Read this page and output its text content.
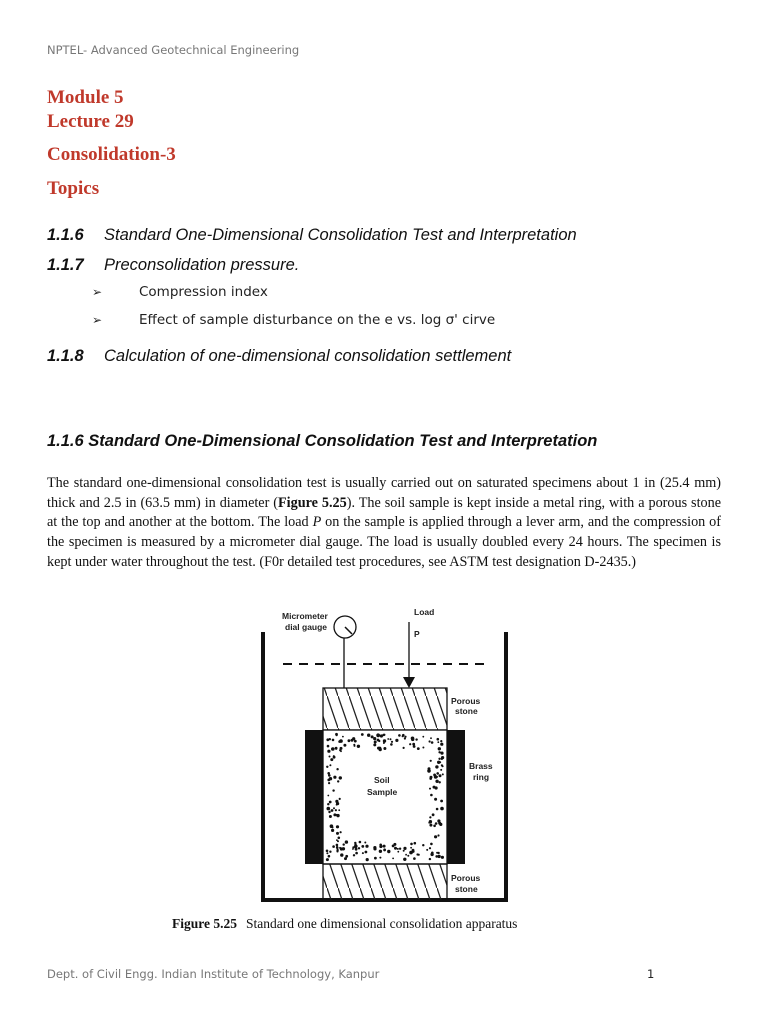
NPTEL- Advanced Geotechnical Engineering
Module 5
Lecture 29
Consolidation-3
Topics
1.1.6 Standard One-Dimensional Consolidation Test and Interpretation
1.1.7 Preconsolidation pressure.
➢	Compression index
➢	Effect of sample disturbance on the e vs. log σ' cirve
1.1.8 Calculation of one-dimensional consolidation settlement
1.1.6 Standard One-Dimensional Consolidation Test and Interpretation
The standard one-dimensional consolidation test is usually carried out on saturated specimens about 1 in (25.4 mm) thick and 2.5 in (63.5 mm) in diameter (Figure 5.25). The soil sample is kept inside a metal ring, with a porous stone at the top and another at the bottom. The load P on the sample is applied through a lever arm, and the compression of the specimen is measured by a micrometer dial gauge. The load is usually doubled every 24 hours. The specimen is kept under water throughout the test. (F0r detailed test procedures, see ASTM test designation D-2435.)
Micrometer
dial gauge
Load
P
Porous
stone
Brass
ring
Soil
Sample
Porous
stone
Figure 5.25 Standard one dimensional consolidation apparatus
Dept. of Civil Engg. Indian Institute of Technology, Kanpur	1
